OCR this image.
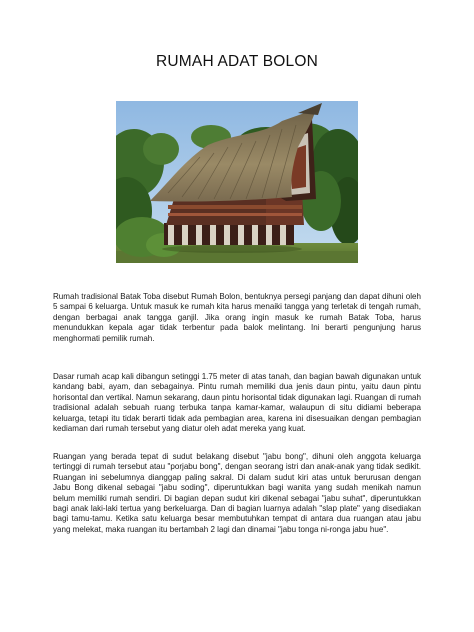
RUMAH ADAT BOLON

Rumah tradisional Batak Toba disebut Rumah Bolon, bentuknya persegi panjang dan dapat dihuni oleh 5 sampai 6 keluarga. Untuk masuk ke rumah kita harus menaiki tangga yang terletak di tengah rumah, dengan berbagai anak tangga ganjil. Jika orang ingin masuk ke rumah Batak Toba, harus menundukkan kepala agar tidak terbentur pada balok melintang. Ini berarti pengunjung harus menghormati pemilik rumah.

Dasar rumah acap kali dibangun setinggi 1.75 meter di atas tanah, dan bagian bawah digunakan untuk kandang babi, ayam, dan sebagainya. Pintu rumah memiliki dua jenis daun pintu, yaitu daun pintu horisontal dan vertikal. Namun sekarang, daun pintu horisontal tidak digunakan lagi. Ruangan di rumah tradisional adalah sebuah ruang terbuka tanpa kamar-kamar, walaupun di situ didiami beberapa keluarga, tetapi itu tidak berarti tidak ada pembagian area, karena ini disesuaikan dengan pembagian kediaman dari rumah tersebut yang diatur oleh adat mereka yang kuat.

Ruangan yang berada tepat di sudut belakang disebut "jabu bong", dihuni oleh anggota keluarga tertinggi di rumah tersebut atau "porjabu bong", dengan seorang istri dan anak-anak yang tidak sedikit. Ruangan ini sebelumnya dianggap paling sakral. Di dalam sudut kiri atas untuk berurusan dengan Jabu Bong dikenal sebagai "jabu soding", diperuntukkan bagi wanita yang sudah menikah namun belum memiliki rumah sendiri. Di bagian depan sudut kiri dikenal sebagai "jabu suhat", diperuntukkan bagi anak laki-laki tertua yang berkeluarga. Dan di bagian luarnya adalah "slap plate" yang disediakan bagi tamu-tamu. Ketika satu keluarga besar membutuhkan tempat di antara dua ruangan atau jabu yang melekat, maka ruangan itu bertambah 2 lagi dan dinamai "jabu tonga ni-ronga jabu hue".
